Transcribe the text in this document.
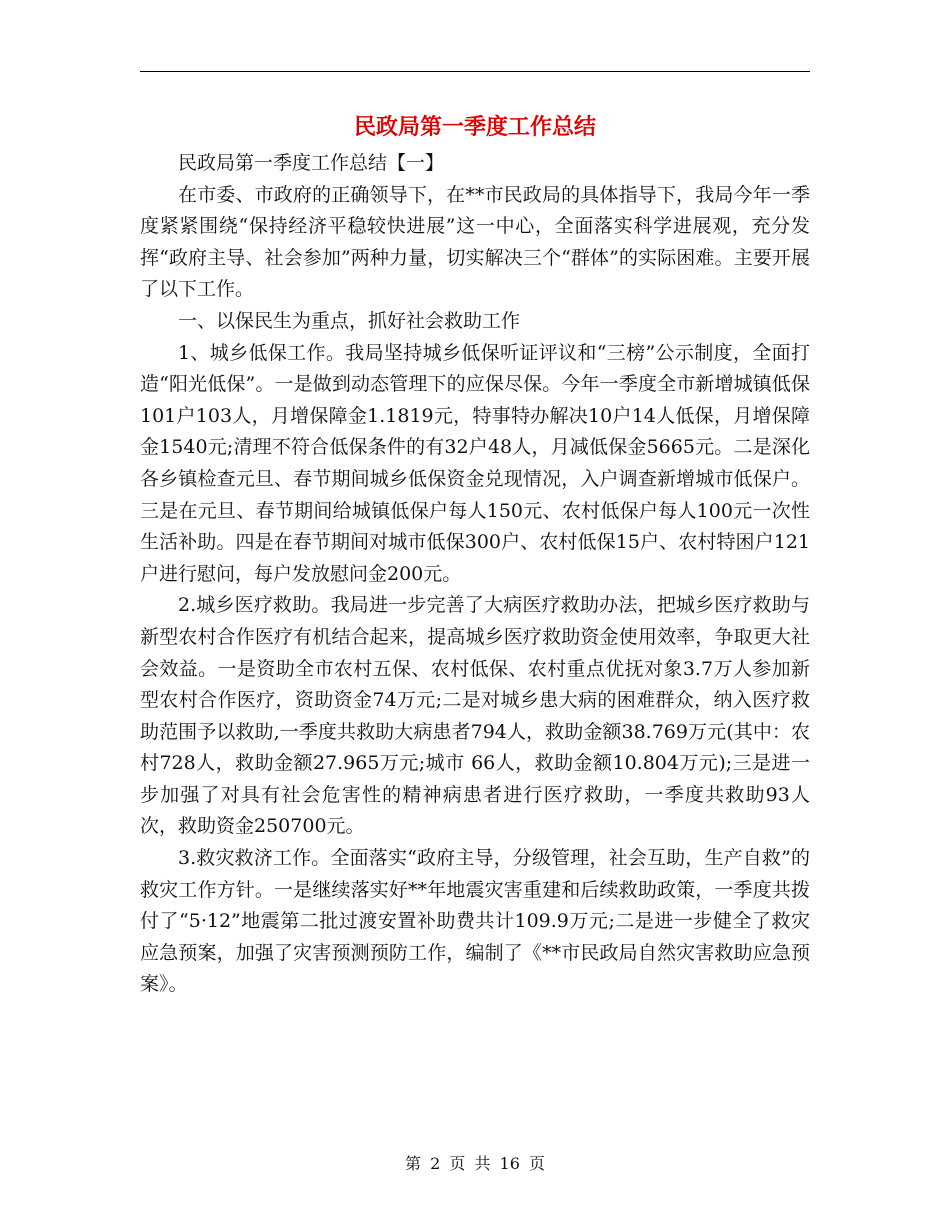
民政局第一季度工作总结

民政局第一季度工作总结【一】

在市委、市政府的正确领导下，在**市民政局的具体指导下，我局今年一季度紧紧围绕“保持经济平稳较快进展”这一中心，全面落实科学进展观，充分发挥“政府主导、社会参加”两种力量，切实解决三个“群体”的实际困难。主要开展了以下工作。

一、以保民生为重点，抓好社会救助工作

1、城乡低保工作。我局坚持城乡低保听证评议和“三榜”公示制度，全面打造“阳光低保”。一是做到动态管理下的应保尽保。今年一季度全市新增城镇低保101户103人，月增保障金1.1819元，特事特办解决10户14人低保，月增保障金1540元;清理不符合低保条件的有32户48人，月减低保金5665元。二是深化各乡镇检查元旦、春节期间城乡低保资金兑现情况，入户调查新增城市低保户。三是在元旦、春节期间给城镇低保户每人150元、农村低保户每人100元一次性生活补助。四是在春节期间对城市低保300户、农村低保15户、农村特困户121户进行慰问，每户发放慰问金200元。

2.城乡医疗救助。我局进一步完善了大病医疗救助办法，把城乡医疗救助与新型农村合作医疗有机结合起来，提高城乡医疗救助资金使用效率，争取更大社会效益。一是资助全市农村五保、农村低保、农村重点优抚对象3.7万人参加新型农村合作医疗，资助资金74万元;二是对城乡患大病的困难群众，纳入医疗救助范围予以救助,一季度共救助大病患者794人，救助金额38.769万元(其中：农村728人，救助金额27.965万元;城市 66人，救助金额10.804万元);三是进一步加强了对具有社会危害性的精神病患者进行医疗救助，一季度共救助93人次，救助资金250700元。

3.救灾救济工作。全面落实“政府主导，分级管理，社会互助，生产自救”的救灾工作方针。一是继续落实好**年地震灾害重建和后续救助政策，一季度共拨付了“5·12”地震第二批过渡安置补助费共计109.9万元;二是进一步健全了救灾应急预案，加强了灾害预测预防工作，编制了《**市民政局自然灾害救助应急预案》。

第 2 页 共 16 页
